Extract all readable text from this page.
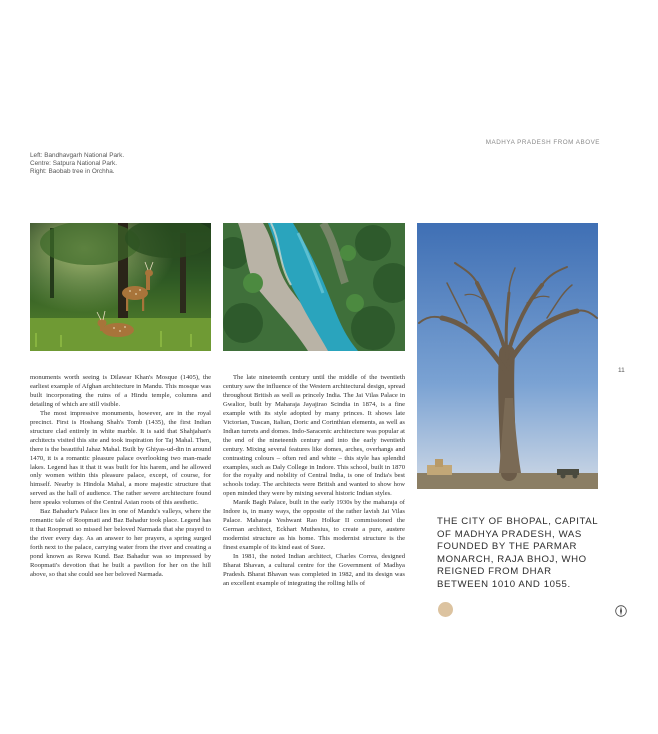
MADHYA PRADESH FROM ABOVE
Left: Bandhavgarh National Park.
Centre: Satpura National Park.
Right: Baobab tree in Orchha.

monuments worth seeing is Dilawar Khan's Mosque (1405), the earliest example of Afghan architecture in Mandu. This mosque was built incorporating the ruins of a Hindu temple, columns and detailing of which are still visible.

The most impressive monuments, however, are in the royal precinct. First is Hoshang Shah's Tomb (1435), the first Indian structure clad entirely in white marble. It is said that Shahjahan's architects visited this site and took inspiration for Taj Mahal. Then, there is the beautiful Jahaz Mahal. Built by Ghiyas-ud-din in around 1470, it is a romantic pleasure palace overlooking two man-made lakes. Legend has it that it was built for his harem, and he allowed only women within this pleasure palace, except, of course, for himself. Nearby is Hindola Mahal, a more majestic structure that served as the hall of audience. The rather severe architecture found here speaks volumes of the Central Asian roots of this aesthetic.

Baz Bahadur's Palace lies in one of Mandu's valleys, where the romantic tale of Roopmati and Baz Bahadur took place. Legend has it that Roopmati so missed her beloved Narmada that she prayed to the river every day. As an answer to her prayers, a spring surged forth next to the palace, carrying water from the river and creating a pond known as Rewa Kund. Baz Bahadur was so impressed by Roopmati's devotion that he built a pavilion for her on the hill above, so that she could see her beloved Narmada.

The late nineteenth century until the middle of the twentieth century saw the influence of the Western architectural design, spread throughout British as well as princely India. The Jai Vilas Palace in Gwalior, built by Maharaja Jayajirao Scindia in 1874, is a fine example with its style adopted by many princes. It shows late Victorian, Tuscan, Italian, Doric and Corinthian elements, as well as Indian turrets and domes. Indo-Saracenic architecture was popular at the end of the nineteenth century and into the early twentieth century. Mixing several features like domes, arches, overhangs and contrasting colours – often red and white – this style has splendid examples, such as Daly College in Indore. This school, built in 1870 for the royalty and nobility of Central India, is one of India's best schools today. The architects were British and wanted to show how open minded they were by mixing several historic Indian styles.

Manik Bagh Palace, built in the early 1930s by the maharaja of Indore is, in many ways, the opposite of the rather lavish Jai Vilas Palace. Maharaja Yeshwant Rao Holkar II commissioned the German architect, Eckhart Muthesius, to create a pure, austere modernist structure as his home. This modernist structure is the finest example of its kind east of Suez.

In 1981, the noted Indian architect, Charles Correa, designed Bharat Bhavan, a cultural centre for the Government of Madhya Pradesh. Bharat Bhavan was completed in 1982, and its design was an excellent example of integrating the rolling hills of

11
THE CITY OF BHOPAL, CAPITAL OF MADHYA PRADESH, WAS FOUNDED BY THE PARMAR MONARCH, RAJA BHOJ, WHO REIGNED FROM DHAR BETWEEN 1010 AND 1055.
